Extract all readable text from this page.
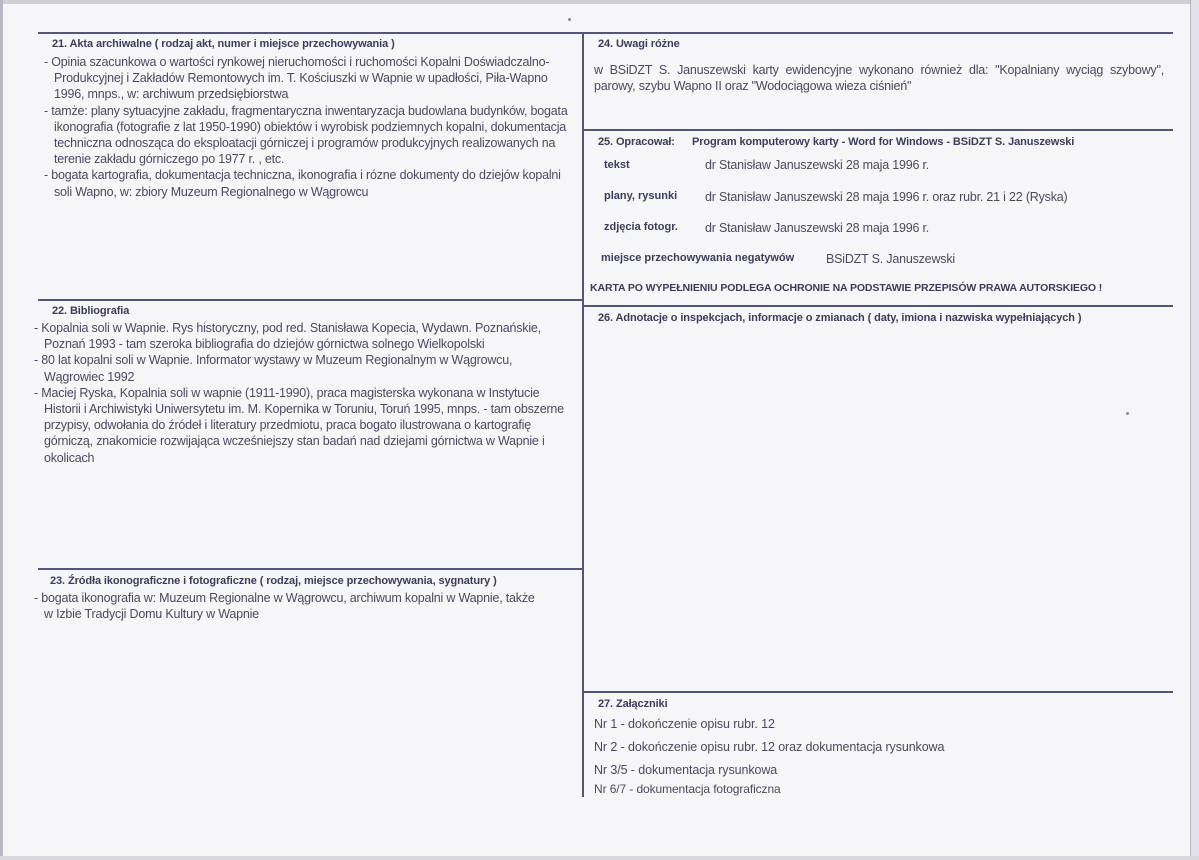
21. Akta archiwalne ( rodzaj akt, numer i miejsce przechowywania )

- Opinia szacunkowa o wartości rynkowej nieruchomości i ruchomości Kopalni Doświadczalno-Produkcyjnej i Zakładów Remontowych im. T. Kościuszki w Wapnie w upadłości, Piła-Wapno 1996, mnps., w: archiwum przedsiębiorstwa

- tamże: plany sytuacyjne zakładu, fragmentaryczna inwentaryzacja budowlana budynków, bogata ikonografia (fotografie z lat 1950-1990) obiektów i wyrobisk podziemnych kopalni, dokumentacja techniczna odnosząca do eksploatacji górniczej i programów produkcyjnych realizowanych na terenie zakładu górniczego po 1977 r. , etc.

- bogata kartografia, dokumentacja techniczna, ikonografia i rózne dokumenty do dziejów kopalni soli Wapno, w: zbiory Muzeum Regionalnego w Wągrowcu

22. Bibliografia

- Kopalnia soli w Wapnie. Rys historyczny, pod red. Stanisława Kopecia, Wydawn. Poznańskie, Poznań 1993 - tam szeroka bibliografia do dziejów górnictwa solnego Wielkopolski

- 80 lat kopalni soli w Wapnie. Informator wystawy w Muzeum Regionalnym w Wągrowcu, Wągrowiec 1992

- Maciej Ryska, Kopalnia soli w wapnie (1911-1990), praca magisterska wykonana w Instytucie Historii i Archiwistyki Uniwersytetu im. M. Kopernika w Toruniu, Toruń 1995, mnps. - tam obszerne przypisy, odwołania do źródeł i literatury przedmiotu, praca bogato ilustrowana o kartografię górniczą, znakomicie rozwijająca wcześniejszy stan badań nad dziejami górnictwa w Wapnie i okolicach

23. Źródła ikonograficzne i fotograficzne ( rodzaj, miejsce przechowywania, sygnatury )

- bogata ikonografia w: Muzeum Regionalne w Wągrowcu, archiwum kopalni w Wapnie, także w Izbie Tradycji Domu Kultury w Wapnie

24. Uwagi różne
w BSiDZT S. Januszewski karty ewidencyjne wykonano również dla: "Kopalniany wyciąg szybowy", parowy, szybu Wapno II oraz "Wodociągowa wieza ciśnień"
25. Opracował: Program komputerowy karty - Word for Windows - BSiDZT S. Januszewski
tekst	dr Stanisław Januszewski 28 maja 1996 r.
plany, rysunki dr Stanisław Januszewski 28 maja 1996 r. oraz rubr. 21 i 22 (Ryska)
zdjęcia fotogr. dr Stanisław Januszewski 28 maja 1996 r.
miejsce przechowywania negatywów	BSiDZT S. Januszewski
KARTA PO WYPEŁNIENIU PODLEGA OCHRONIE NA PODSTAWIE PRZEPISÓW PRAWA AUTORSKIEGO !
26. Adnotacje o inspekcjach, informacje o zmianach ( daty, imiona i nazwiska wypełniających )
27. Załączniki
Nr 1 - dokończenie opisu rubr. 12
Nr 2 - dokończenie opisu rubr. 12 oraz dokumentacja rysunkowa
Nr 3/5 - dokumentacja rysunkowa
Nr 6/7 - dokumentacja fotograficzna
